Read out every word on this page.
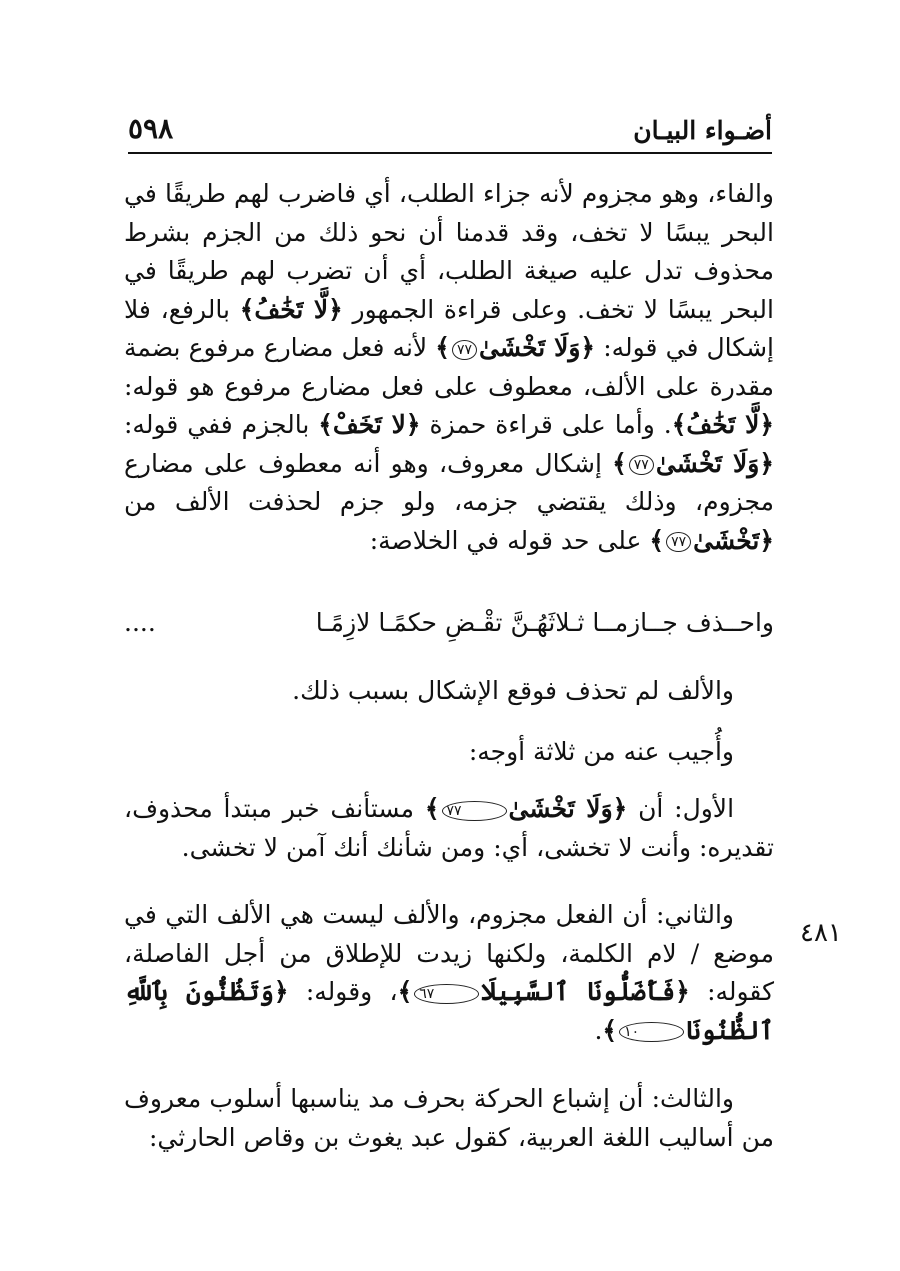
أضـواء البيـان
٥٩٨

والفاء، وهو مجزوم لأنه جزاء الطلب، أي فاضرب لهم طريقًا في البحر يبسًا لا تخف، وقد قدمنا أن نحو ذلك من الجزم بشرط محذوف تدل عليه صيغة الطلب، أي أن تضرب لهم طريقًا في البحر يبسًا لا تخف. وعلى قراءة الجمهور ﴿لَّا تَخَٰفُ﴾ بالرفع، فلا إشكال في قوله: ﴿وَلَا تَخْشَىٰ٧٧﴾ لأنه فعل مضارع مرفوع بضمة مقدرة على الألف، معطوف على فعل مضارع مرفوع هو قوله: ﴿لَّا تَخَٰفُ﴾. وأما على قراءة حمزة ﴿لا تَخَفْ﴾ بالجزم ففي قوله: ﴿وَلَا تَخْشَىٰ٧٧﴾ إشكال معروف، وهو أنه معطوف على مضارع مجزوم، وذلك يقتضي جزمه، ولو جزم لحذفت الألف من ﴿تَخْشَىٰ٧٧﴾ على حد قوله في الخلاصة:

واحــذف جــازمــا ثـلاثَهُـنَّ تقْـضِ حكمًـا لازِمًـا
....

والألف لم تحذف فوقع الإشكال بسبب ذلك.

وأُجيب عنه من ثلاثة أوجه:

الأول: أن ﴿وَلَا تَخْشَىٰ٧٧﴾ مستأنف خبر مبتدأ محذوف، تقديره: وأنت لا تخشى، أي: ومن شأنك أنك آمن لا تخشى.

والثاني: أن الفعل مجزوم، والألف ليست هي الألف التي في موضع / لام الكلمة، ولكنها زيدت للإطلاق من أجل الفاصلة، كقوله: ﴿فَأَضَلُّونَا ٱلسَّبِيلَا٦٧﴾، وقوله: ﴿وَتَظُنُّونَ بِٱللَّهِ ٱلظُّنُونَا١٠﴾.

٤٨١

والثالث: أن إشباع الحركة بحرف مد يناسبها أسلوب معروف من أساليب اللغة العربية، كقول عبد يغوث بن وقاص الحارثي:
